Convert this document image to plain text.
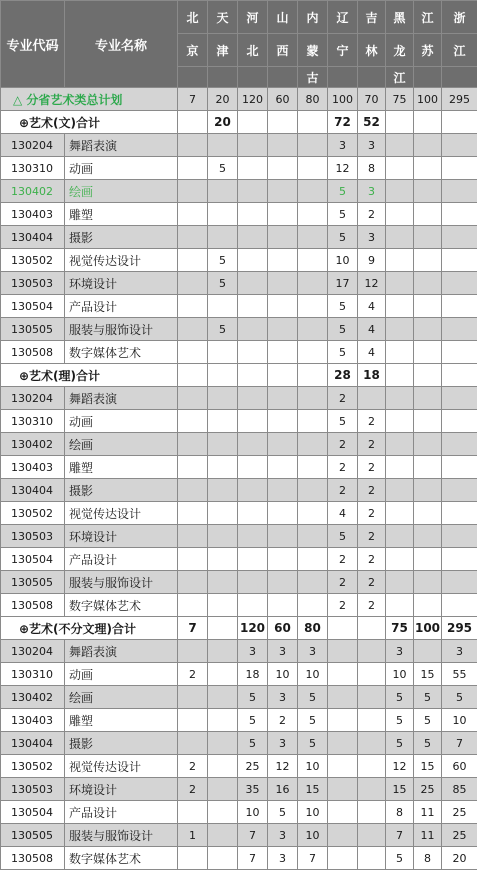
专业代码	专业名称	北	天	河	山	内	辽	吉	黑	江	浙
		京	津	北	西	蒙	宁	林	龙	苏	江
						古			江		
△ 分省艺术类总计划		7	20	120	60	80	100	70	75	100	295
⊕艺术(文)合计			20				72	52			
130204	舞蹈表演						3	3			
130310	动画		5				12	8			
130402	绘画						5	3			
130403	雕塑						5	2			
130404	摄影						5	3			
130502	视觉传达设计		5				10	9			
130503	环境设计		5				17	12			
130504	产品设计						5	4			
130505	服装与服饰设计		5				5	4			
130508	数字媒体艺术						5	4			
⊕艺术(理)合计							28	18			
130204	舞蹈表演						2				
130310	动画						5	2			
130402	绘画						2	2			
130403	雕塑						2	2			
130404	摄影						2	2			
130502	视觉传达设计						4	2			
130503	环境设计						5	2			
130504	产品设计						2	2			
130505	服装与服饰设计						2	2			
130508	数字媒体艺术						2	2			
⊕艺术(不分文理)合计		7		120	60	80			75	100	295
130204	舞蹈表演			3	3	3			3		3
130310	动画	2		18	10	10			10	15	55
130402	绘画			5	3	5			5	5	5
130403	雕塑			5	2	5			5	5	10
130404	摄影			5	3	5			5	5	7
130502	视觉传达设计	2		25	12	10			12	15	60
130503	环境设计	2		35	16	15			15	25	85
130504	产品设计			10	5	10			8	11	25
130505	服装与服饰设计	1		7	3	10			7	11	25
130508	数字媒体艺术			7	3	7			5	8	20
